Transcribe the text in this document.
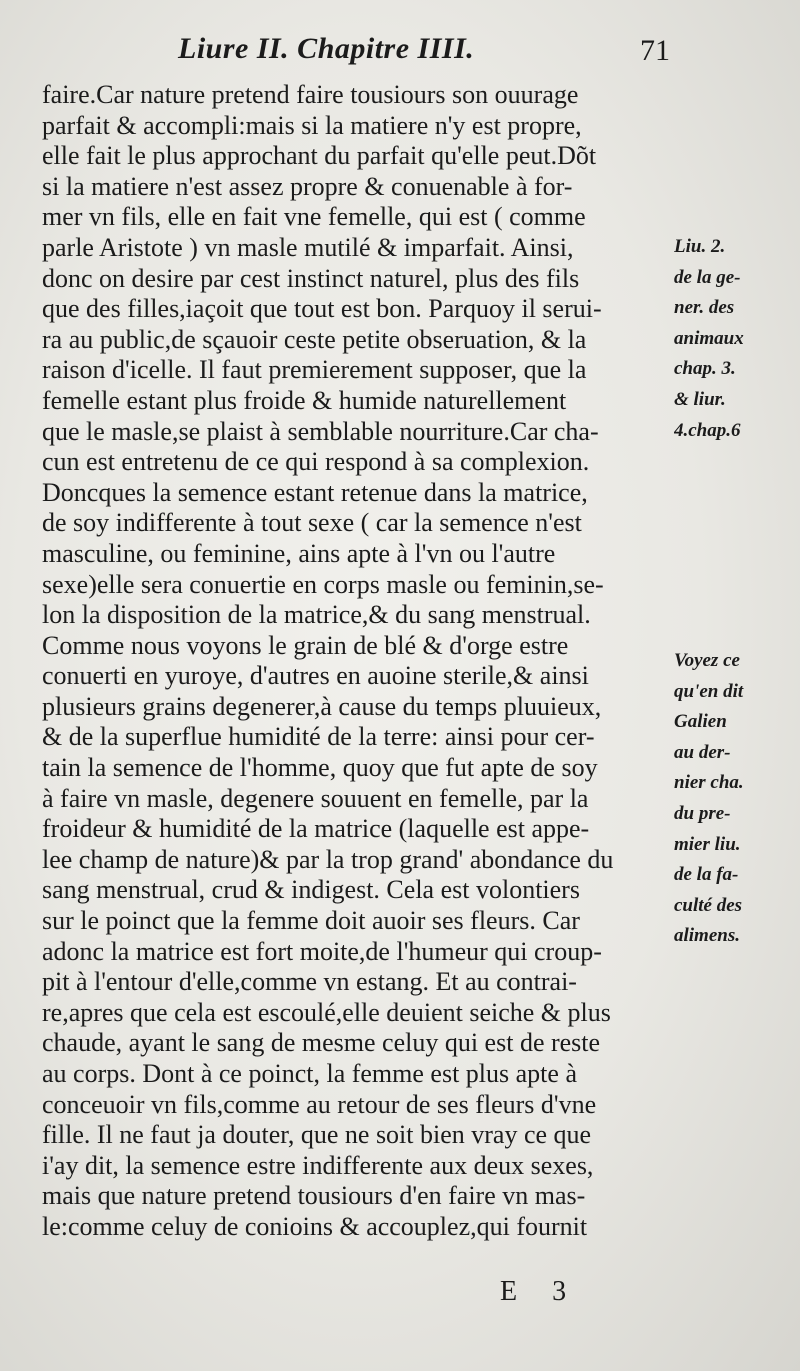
Liure II. Chapitre IIII.	71
faire.Car nature pretend faire tousiours son ouurage
parfait & accompli:mais si la matiere n'y est propre,
elle fait le plus approchant du parfait qu'elle peut.Dõt
si la matiere n'est assez propre & conuenable à for-
mer vn fils, elle en fait vne femelle, qui est ( comme
parle Aristote ) vn masle mutilé & imparfait. Ainsi,
donc on desire par cest instinct naturel, plus des fils
que des filles,iaçoit que tout est bon. Parquoy il serui-
ra au public,de sçauoir ceste petite obseruation, & la
raison d'icelle. Il faut premierement supposer, que la
femelle estant plus froide & humide naturellement
que le masle,se plaist à semblable nourriture.Car cha-
cun est entretenu de ce qui respond à sa complexion.
Doncques la semence estant retenue dans la matrice,
de soy indifferente à tout sexe ( car la semence n'est
masculine, ou feminine, ains apte à l'vn ou l'autre
sexe)elle sera conuertie en corps masle ou feminin,se-
lon la disposition de la matrice,& du sang menstrual.
Comme nous voyons le grain de blé & d'orge estre
conuerti en yuroye, d'autres en auoine sterile,& ainsi
plusieurs grains degenerer,à cause du temps pluuieux,
& de la superflue humidité de la terre: ainsi pour cer-
tain la semence de l'homme, quoy que fut apte de soy
à faire vn masle, degenere souuent en femelle, par la
froideur & humidité de la matrice (laquelle est appe-
lee champ de nature)& par la trop grand' abondance du
sang menstrual, crud & indigest. Cela est volontiers
sur le poinct que la femme doit auoir ses fleurs. Car
adonc la matrice est fort moite,de l'humeur qui croup-
pit à l'entour d'elle,comme vn estang. Et au contrai-
re,apres que cela est escoulé,elle deuient seiche & plus
chaude, ayant le sang de mesme celuy qui est de reste
au corps. Dont à ce poinct, la femme est plus apte à
conceuoir vn fils,comme au retour de ses fleurs d'vne
fille. Il ne faut ja douter, que ne soit bien vray ce que
i'ay dit, la semence estre indifferente aux deux sexes,
mais que nature pretend tousiours d'en faire vn mas-
le:comme celuy de conioins & accouplez,qui fournit
Liu. 2.
de la ge-
ner. des
animaux
chap. 3.
& liur.
4.chap.6
Voyez ce
qu'en dit
Galien
au der-
nier cha.
du pre-
mier liu.
de la fa-
culté des
alimens.
E 3
